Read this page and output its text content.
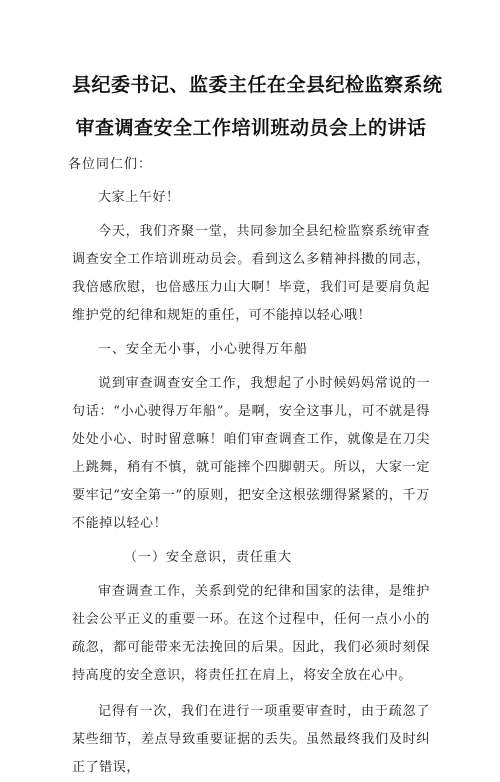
县纪委书记、监委主任在全县纪检监察系统
审查调查安全工作培训班动员会上的讲话

各位同仁们：

大家上午好！

今天，我们齐聚一堂，共同参加全县纪检监察系统审查调查安全工作培训班动员会。看到这么多精神抖擞的同志，我倍感欣慰，也倍感压力山大啊！毕竟，我们可是要肩负起维护党的纪律和规矩的重任，可不能掉以轻心哦！

一、安全无小事，小心驶得万年船

说到审查调查安全工作，我想起了小时候妈妈常说的一句话：“小心驶得万年船”。是啊，安全这事儿，可不就是得处处小心、时时留意嘛！咱们审查调查工作，就像是在刀尖上跳舞，稍有不慎，就可能摔个四脚朝天。所以，大家一定要牢记“安全第一”的原则，把安全这根弦绷得紧紧的，千万不能掉以轻心！

（一）安全意识，责任重大

审查调查工作，关系到党的纪律和国家的法律，是维护社会公平正义的重要一环。在这个过程中，任何一点小小的疏忽，都可能带来无法挽回的后果。因此，我们必须时刻保持高度的安全意识，将责任扛在肩上，将安全放在心中。

记得有一次，我们在进行一项重要审查时，由于疏忽了某些细节，差点导致重要证据的丢失。虽然最终我们及时纠正了错误，
